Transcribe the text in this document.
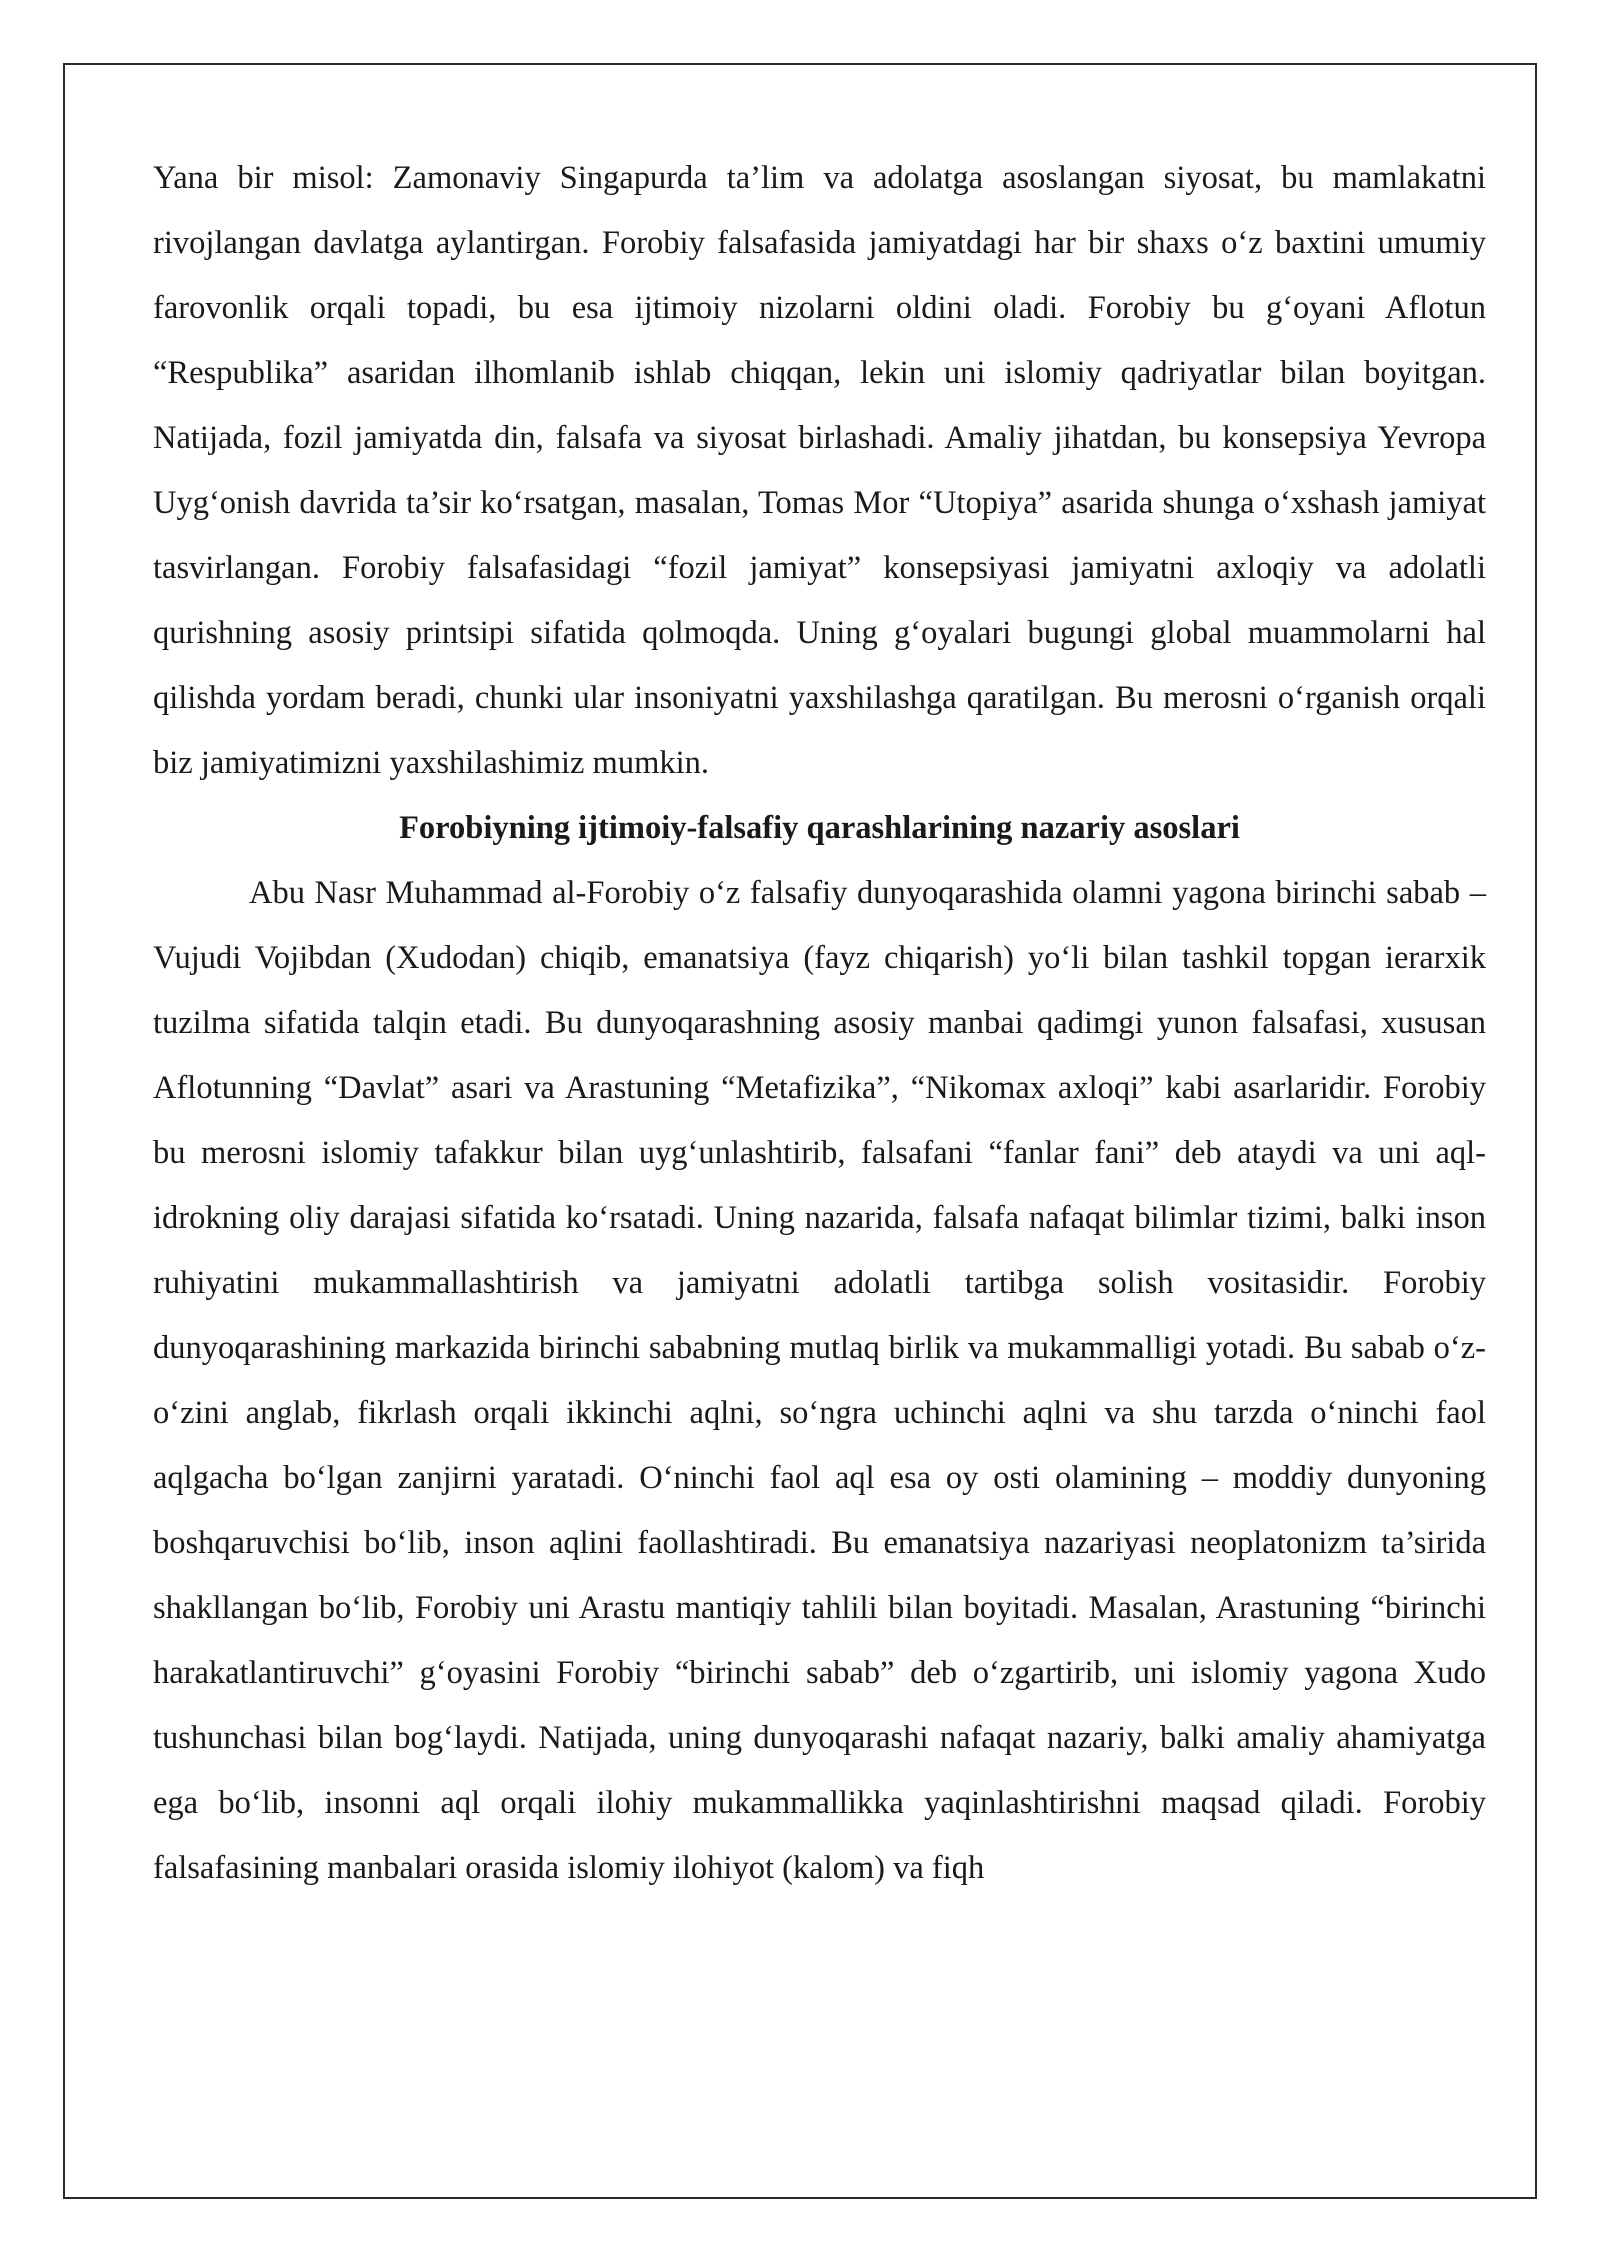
Yana bir misol: Zamonaviy Singapurda ta’lim va adolatga asoslangan siyosat, bu mamlakatni rivojlangan davlatga aylantirgan. Forobiy falsafasida jamiyatdagi har bir shaxs o‘z baxtini umumiy farovonlik orqali topadi, bu esa ijtimoiy nizolarni oldini oladi. Forobiy bu g‘oyani Aflotun “Respublika” asaridan ilhomlanib ishlab chiqqan, lekin uni islomiy qadriyatlar bilan boyitgan. Natijada, fozil jamiyatda din, falsafa va siyosat birlashadi. Amaliy jihatdan, bu konsepsiya Yevropa Uyg‘onish davrida ta’sir ko‘rsatgan, masalan, Tomas Mor “Utopiya” asarida shunga o‘xshash jamiyat tasvirlangan. Forobiy falsafasidagi “fozil jamiyat” konsepsiyasi jamiyatni axloqiy va adolatli qurishning asosiy printsipi sifatida qolmoqda. Uning g‘oyalari bugungi global muammolarni hal qilishda yordam beradi, chunki ular insoniyatni yaxshilashga qaratilgan. Bu merosni o‘rganish orqali biz jamiyatimizni yaxshilashimiz mumkin.

Forobiyning ijtimoiy-falsafiy qarashlarining nazariy asoslari

Abu Nasr Muhammad al-Forobiy o‘z falsafiy dunyoqarashida olamni yagona birinchi sabab – Vujudi Vojibdan (Xudodan) chiqib, emanatsiya (fayz chiqarish) yo‘li bilan tashkil topgan ierarxik tuzilma sifatida talqin etadi. Bu dunyoqarashning asosiy manbai qadimgi yunon falsafasi, xususan Aflotunning “Davlat” asari va Arastuning “Metafizika”, “Nikomax axloqi” kabi asarlaridir. Forobiy bu merosni islomiy tafakkur bilan uyg‘unlashtirib, falsafani “fanlar fani” deb ataydi va uni aql-idrokning oliy darajasi sifatida ko‘rsatadi. Uning nazarida, falsafa nafaqat bilimlar tizimi, balki inson ruhiyatini mukammallashtirish va jamiyatni adolatli tartibga solish vositasidir. Forobiy dunyoqarashining markazida birinchi sababning mutlaq birlik va mukammalligi yotadi. Bu sabab o‘z-o‘zini anglab, fikrlash orqali ikkinchi aqlni, so‘ngra uchinchi aqlni va shu tarzda o‘ninchi faol aqlgacha bo‘lgan zanjirni yaratadi. O‘ninchi faol aql esa oy osti olamining – moddiy dunyoning boshqaruvchisi bo‘lib, inson aqlini faollashtiradi. Bu emanatsiya nazariyasi neoplatonizm ta’sirida shakllangan bo‘lib, Forobiy uni Arastu mantiqiy tahlili bilan boyitadi. Masalan, Arastuning “birinchi harakatlantiruvchi” g‘oyasini Forobiy “birinchi sabab” deb o‘zgartirib, uni islomiy yagona Xudo tushunchasi bilan bog‘laydi. Natijada, uning dunyoqarashi nafaqat nazariy, balki amaliy ahamiyatga ega bo‘lib, insonni aql orqali ilohiy mukammallikka yaqinlashtirishni maqsad qiladi. Forobiy falsafasining manbalari orasida islomiy ilohiyot (kalom) va fiqh
